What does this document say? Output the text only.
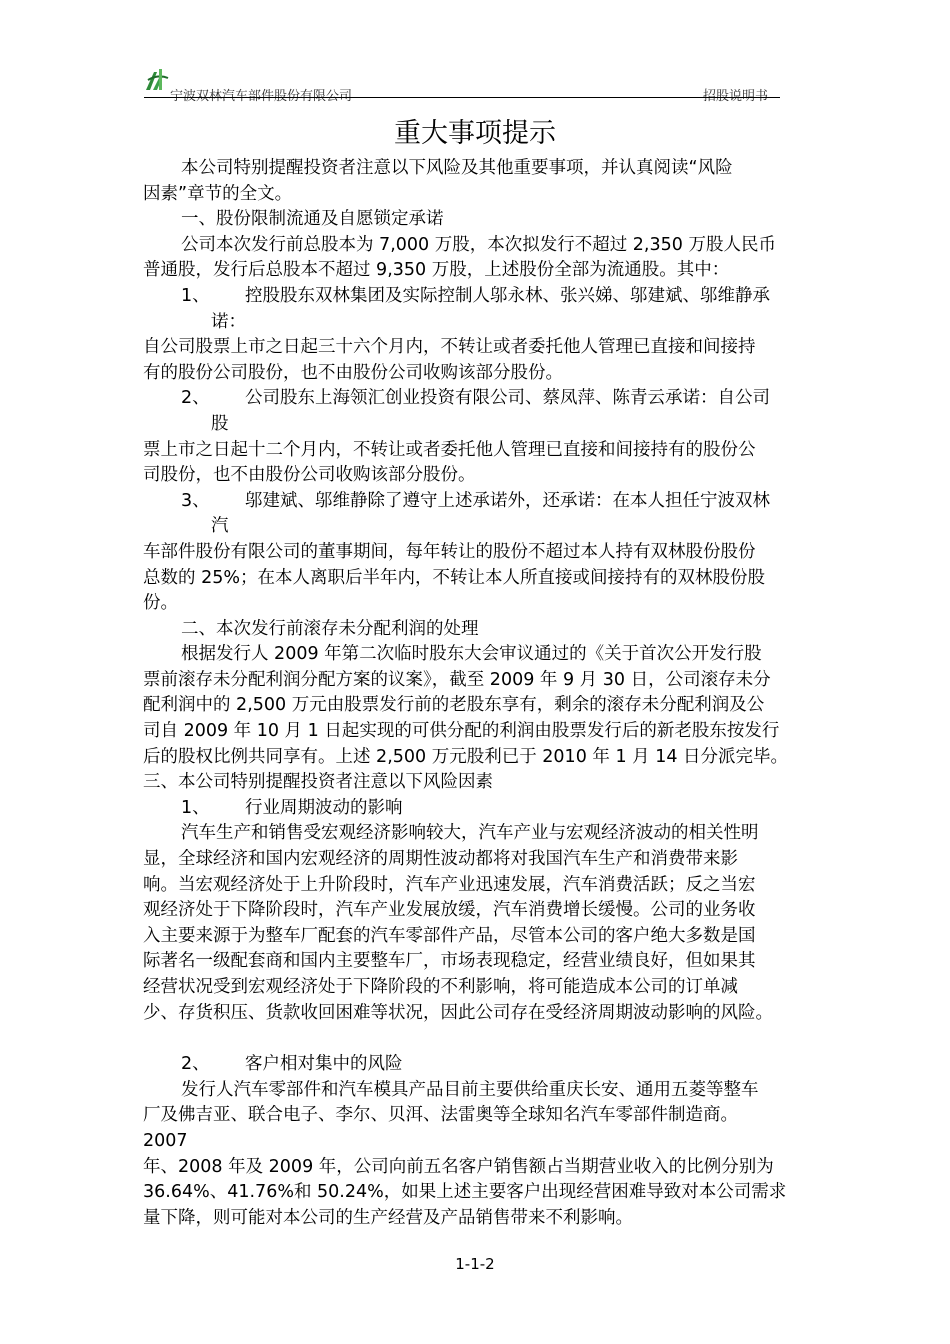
宁波双林汽车部件股份有限公司	招股说明书
重大事项提示

本公司特别提醒投资者注意以下风险及其他重要事项，并认真阅读“风险

因素”章节的全文。

一、股份限制流通及自愿锁定承诺

公司本次发行前总股本为 7,000 万股，本次拟发行不超过 2,350 万股人民币

普通股，发行后总股本不超过 9,350 万股，上述股份全部为流通股。其中：

1、 控股股东双林集团及实际控制人邬永林、张兴娣、邬建斌、邬维静承

诺：

自公司股票上市之日起三十六个月内，不转让或者委托他人管理已直接和间接持

有的股份公司股份，也不由股份公司收购该部分股份。

2、 公司股东上海领汇创业投资有限公司、蔡凤萍、陈青云承诺：自公司

股

票上市之日起十二个月内，不转让或者委托他人管理已直接和间接持有的股份公

司股份，也不由股份公司收购该部分股份。

3、 邬建斌、邬维静除了遵守上述承诺外，还承诺：在本人担任宁波双林

汽

车部件股份有限公司的董事期间，每年转让的股份不超过本人持有双林股份股份

总数的 25%；在本人离职后半年内，不转让本人所直接或间接持有的双林股份股

份。

二、本次发行前滚存未分配利润的处理

根据发行人 2009 年第二次临时股东大会审议通过的《关于首次公开发行股

票前滚存未分配利润分配方案的议案》，截至 2009 年 9 月 30 日，公司滚存未分

配利润中的 2,500 万元由股票发行前的老股东享有，剩余的滚存未分配利润及公

司自 2009 年 10 月 1 日起实现的可供分配的利润由股票发行后的新老股东按发行

后的股权比例共同享有。上述 2,500 万元股利已于 2010 年 1 月 14 日分派完毕。

三、本公司特别提醒投资者注意以下风险因素

1、 行业周期波动的影响

汽车生产和销售受宏观经济影响较大，汽车产业与宏观经济波动的相关性明

显，全球经济和国内宏观经济的周期性波动都将对我国汽车生产和消费带来影

响。当宏观经济处于上升阶段时，汽车产业迅速发展，汽车消费活跃；反之当宏

观经济处于下降阶段时，汽车产业发展放缓，汽车消费增长缓慢。公司的业务收

入主要来源于为整车厂配套的汽车零部件产品，尽管本公司的客户绝大多数是国

际著名一级配套商和国内主要整车厂，市场表现稳定，经营业绩良好，但如果其

经营状况受到宏观经济处于下降阶段的不利影响，将可能造成本公司的订单减

少、存货积压、货款收回困难等状况，因此公司存在受经济周期波动影响的风险。

2、 客户相对集中的风险

发行人汽车零部件和汽车模具产品目前主要供给重庆长安、通用五菱等整车

厂及佛吉亚、联合电子、李尔、贝洱、法雷奥等全球知名汽车零部件制造商。

2007

年、2008 年及 2009 年，公司向前五名客户销售额占当期营业收入的比例分别为

36.64%、41.76%和 50.24%，如果上述主要客户出现经营困难导致对本公司需求

量下降，则可能对本公司的生产经营及产品销售带来不利影响。

1-1-2
